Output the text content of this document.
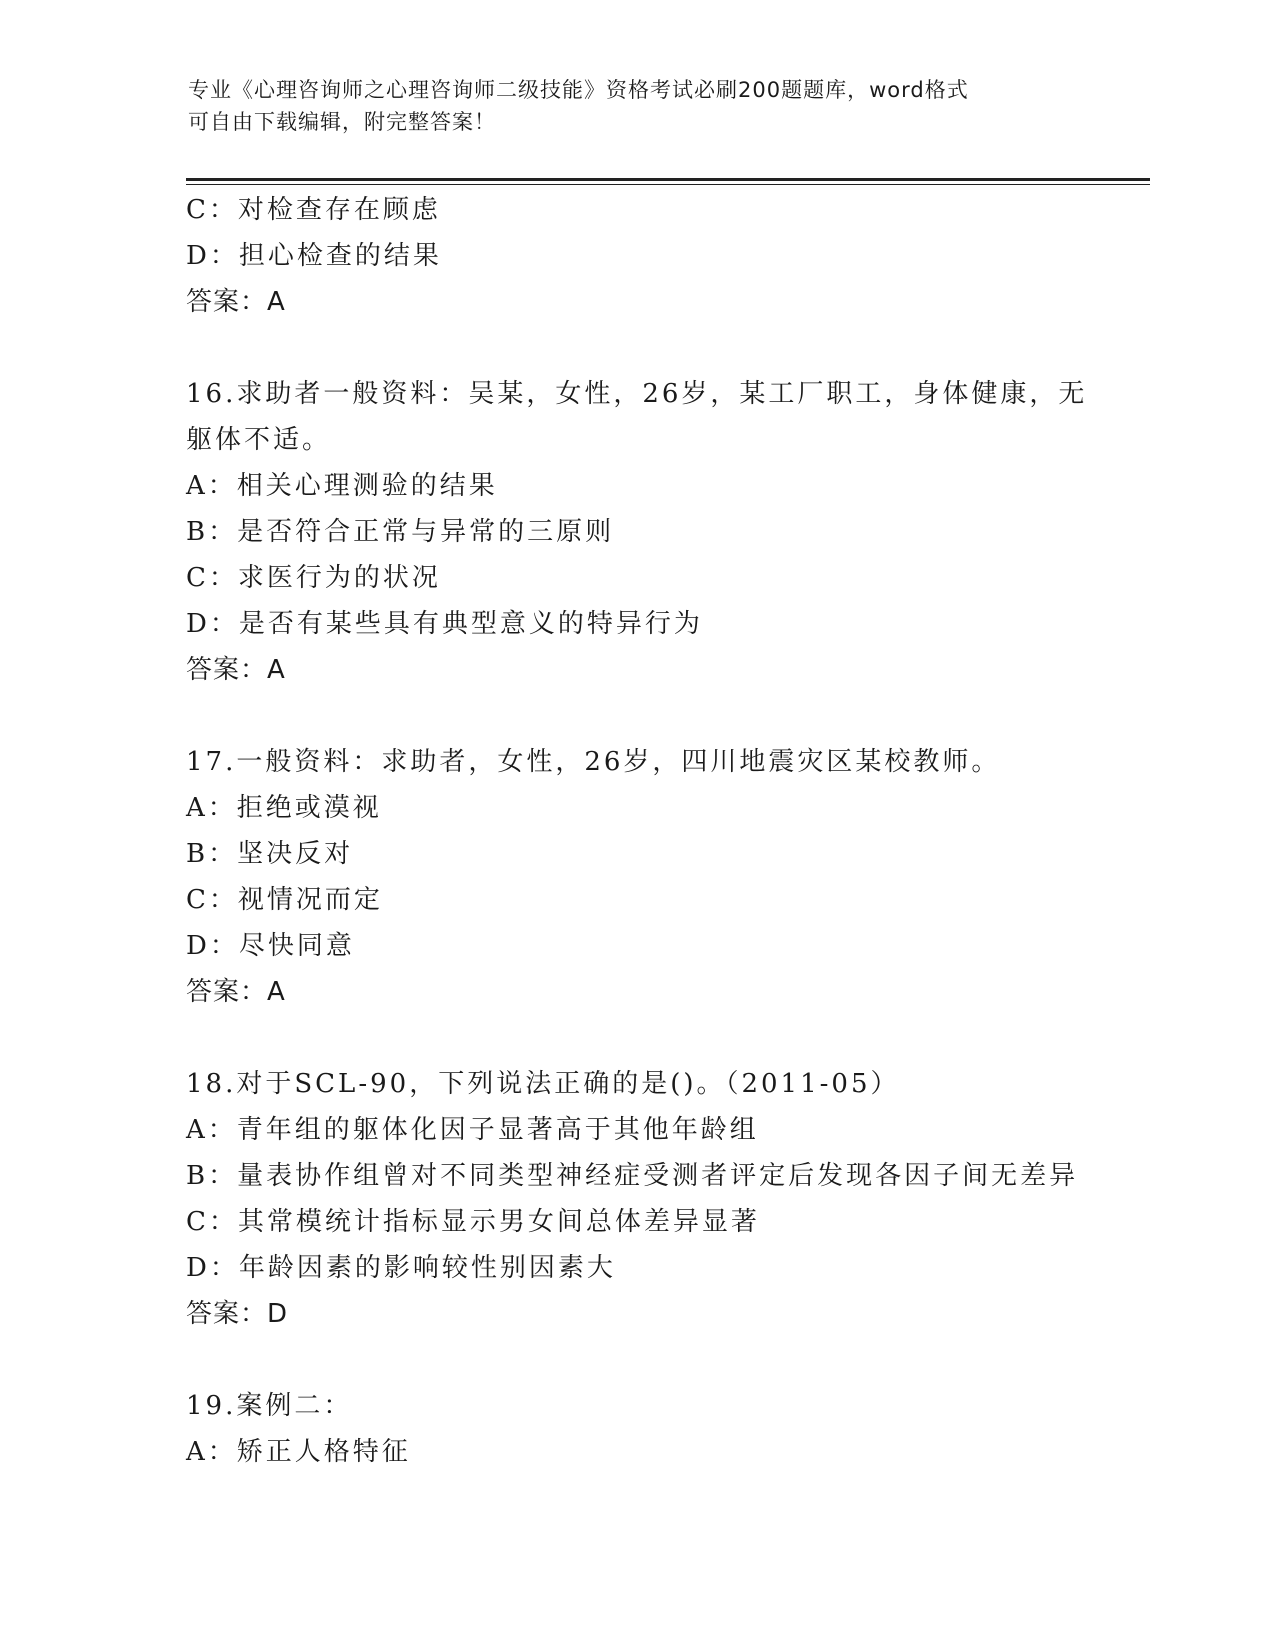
专业《心理咨询师之心理咨询师二级技能》资格考试必刷200题题库，word格式
可自由下载编辑，附完整答案！
C：对检查存在顾虑
D：担心检查的结果
答案：A
16.求助者一般资料：吴某，女性，26岁，某工厂职工，身体健康，无
躯体不适。
A：相关心理测验的结果
B：是否符合正常与异常的三原则
C：求医行为的状况
D：是否有某些具有典型意义的特异行为
答案：A
17.一般资料：求助者，女性，26岁，四川地震灾区某校教师。
A：拒绝或漠视
B：坚决反对
C：视情况而定
D：尽快同意
答案：A
18.对于SCL-90，下列说法正确的是()。（2011-05）
A：青年组的躯体化因子显著高于其他年龄组
B：量表协作组曾对不同类型神经症受测者评定后发现各因子间无差异
C：其常模统计指标显示男女间总体差异显著
D：年龄因素的影响较性别因素大
答案：D
19.案例二：
A：矫正人格特征
